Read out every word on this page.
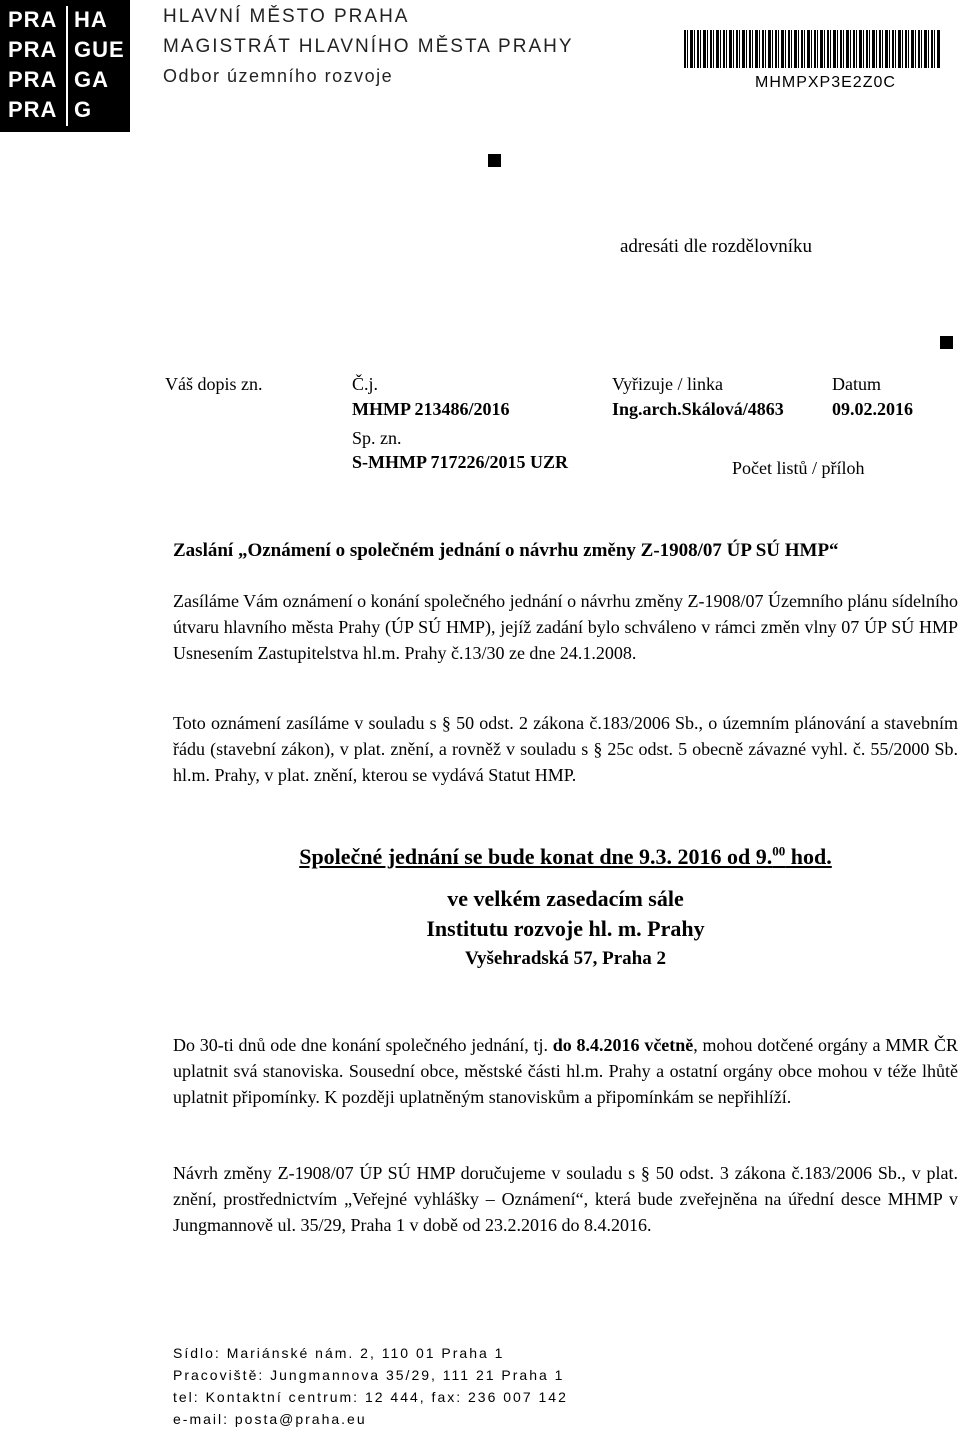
PRA
PRA
PRA
PRA
HA
GUE
GA
G
HLAVNÍ MĚSTO PRAHA
MAGISTRÁT HLAVNÍHO MĚSTA PRAHY
Odbor územního rozvoje	MHMPXP3E2Z0C
adresáti dle rozdělovníku
Váš dopis zn.	Č.j.
MHMP 213486/2016
Sp. zn.
S-MHMP 717226/2015 UZR
Vyřizuje / linka
Ing.arch.Skálová/4863
Datum
09.02.2016
Počet listů / příloh
Zaslání „Oznámení o společném jednání o návrhu změny Z-1908/07 ÚP SÚ HMP“
Zasíláme Vám oznámení o konání společného jednání o návrhu změny Z-1908/07 Územního plánu sídelního útvaru hlavního města Prahy (ÚP SÚ HMP), jejíž zadání bylo schváleno v rámci změn vlny 07 ÚP SÚ HMP Usnesením Zastupitelstva hl.m. Prahy č.13/30 ze dne 24.1.2008.
Toto oznámení zasíláme v souladu s § 50 odst. 2 zákona č.183/2006 Sb., o územním plánování a stavebním řádu (stavební zákon), v plat. znění, a rovněž v souladu s § 25c odst. 5 obecně závazné vyhl. č. 55/2000 Sb. hl.m. Prahy, v plat. znění, kterou se vydává Statut HMP.
Společné jednání se bude konat dne 9.3. 2016 od 9.00 hod.
ve velkém zasedacím sále
Institutu rozvoje hl. m. Prahy
Vyšehradská 57, Praha 2
Do 30-ti dnů ode dne konání společného jednání, tj. do 8.4.2016 včetně, mohou dotčené orgány a MMR ČR uplatnit svá stanoviska. Sousední obce, městské části hl.m. Prahy a ostatní orgány obce mohou v téže lhůtě uplatnit připomínky. K později uplatněným stanoviskům a připomínkám se nepřihlíží.
Návrh změny Z-1908/07 ÚP SÚ HMP doručujeme v souladu s § 50 odst. 3 zákona č.183/2006 Sb., v plat. znění, prostřednictvím „Veřejné vyhlášky – Oznámení“, která bude zveřejněna na úřední desce MHMP v Jungmannově ul. 35/29, Praha 1 v době od 23.2.2016 do 8.4.2016.
Sídlo: Mariánské nám. 2, 110 01 Praha 1
Pracoviště: Jungmannova 35/29, 111 21 Praha 1
tel: Kontaktní centrum: 12 444, fax: 236 007 142
e-mail: posta@praha.eu
